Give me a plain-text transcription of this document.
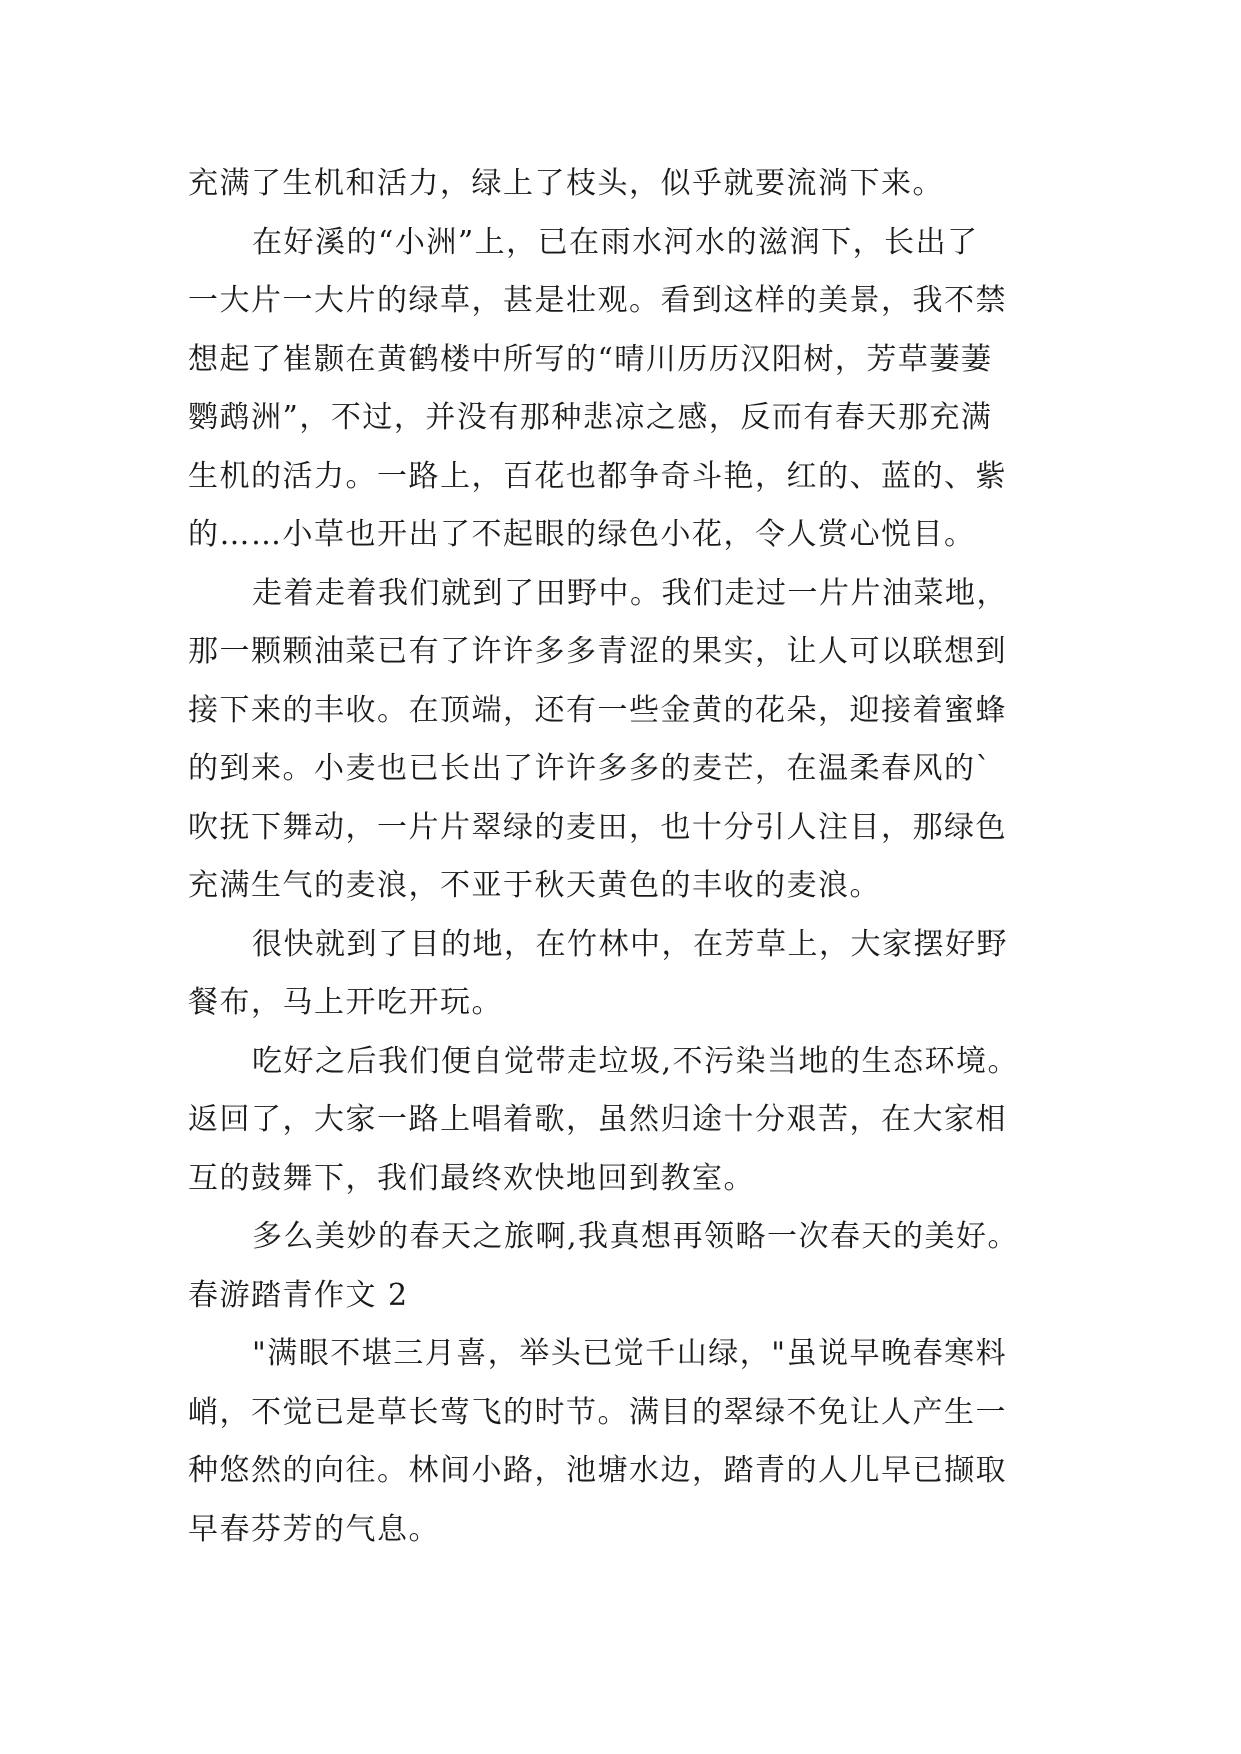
充满了生机和活力，绿上了枝头，似乎就要流淌下来。
在好溪的“小洲”上，已在雨水河水的滋润下，长出了
一大片一大片的绿草，甚是壮观。看到这样的美景，我不禁
想起了崔颢在黄鹤楼中所写的“晴川历历汉阳树，芳草萋萋
鹦鹉洲”，不过，并没有那种悲凉之感，反而有春天那充满
生机的活力。一路上，百花也都争奇斗艳，红的、蓝的、紫
的……小草也开出了不起眼的绿色小花，令人赏心悦目。
走着走着我们就到了田野中。我们走过一片片油菜地，
那一颗颗油菜已有了许许多多青涩的果实，让人可以联想到
接下来的丰收。在顶端，还有一些金黄的花朵，迎接着蜜蜂
的到来。小麦也已长出了许许多多的麦芒，在温柔春风的`
吹抚下舞动，一片片翠绿的麦田，也十分引人注目，那绿色
充满生气的麦浪，不亚于秋天黄色的丰收的麦浪。
很快就到了目的地，在竹林中，在芳草上，大家摆好野
餐布，马上开吃开玩。
吃好之后我们便自觉带走垃圾,不污染当地的生态环境。
返回了，大家一路上唱着歌，虽然归途十分艰苦，在大家相
互的鼓舞下，我们最终欢快地回到教室。
多么美妙的春天之旅啊,我真想再领略一次春天的美好。
春游踏青作文 2
"满眼不堪三月喜，举头已觉千山绿，"虽说早晚春寒料
峭，不觉已是草长莺飞的时节。满目的翠绿不免让人产生一
种悠然的向往。林间小路，池塘水边，踏青的人儿早已撷取
早春芬芳的气息。
